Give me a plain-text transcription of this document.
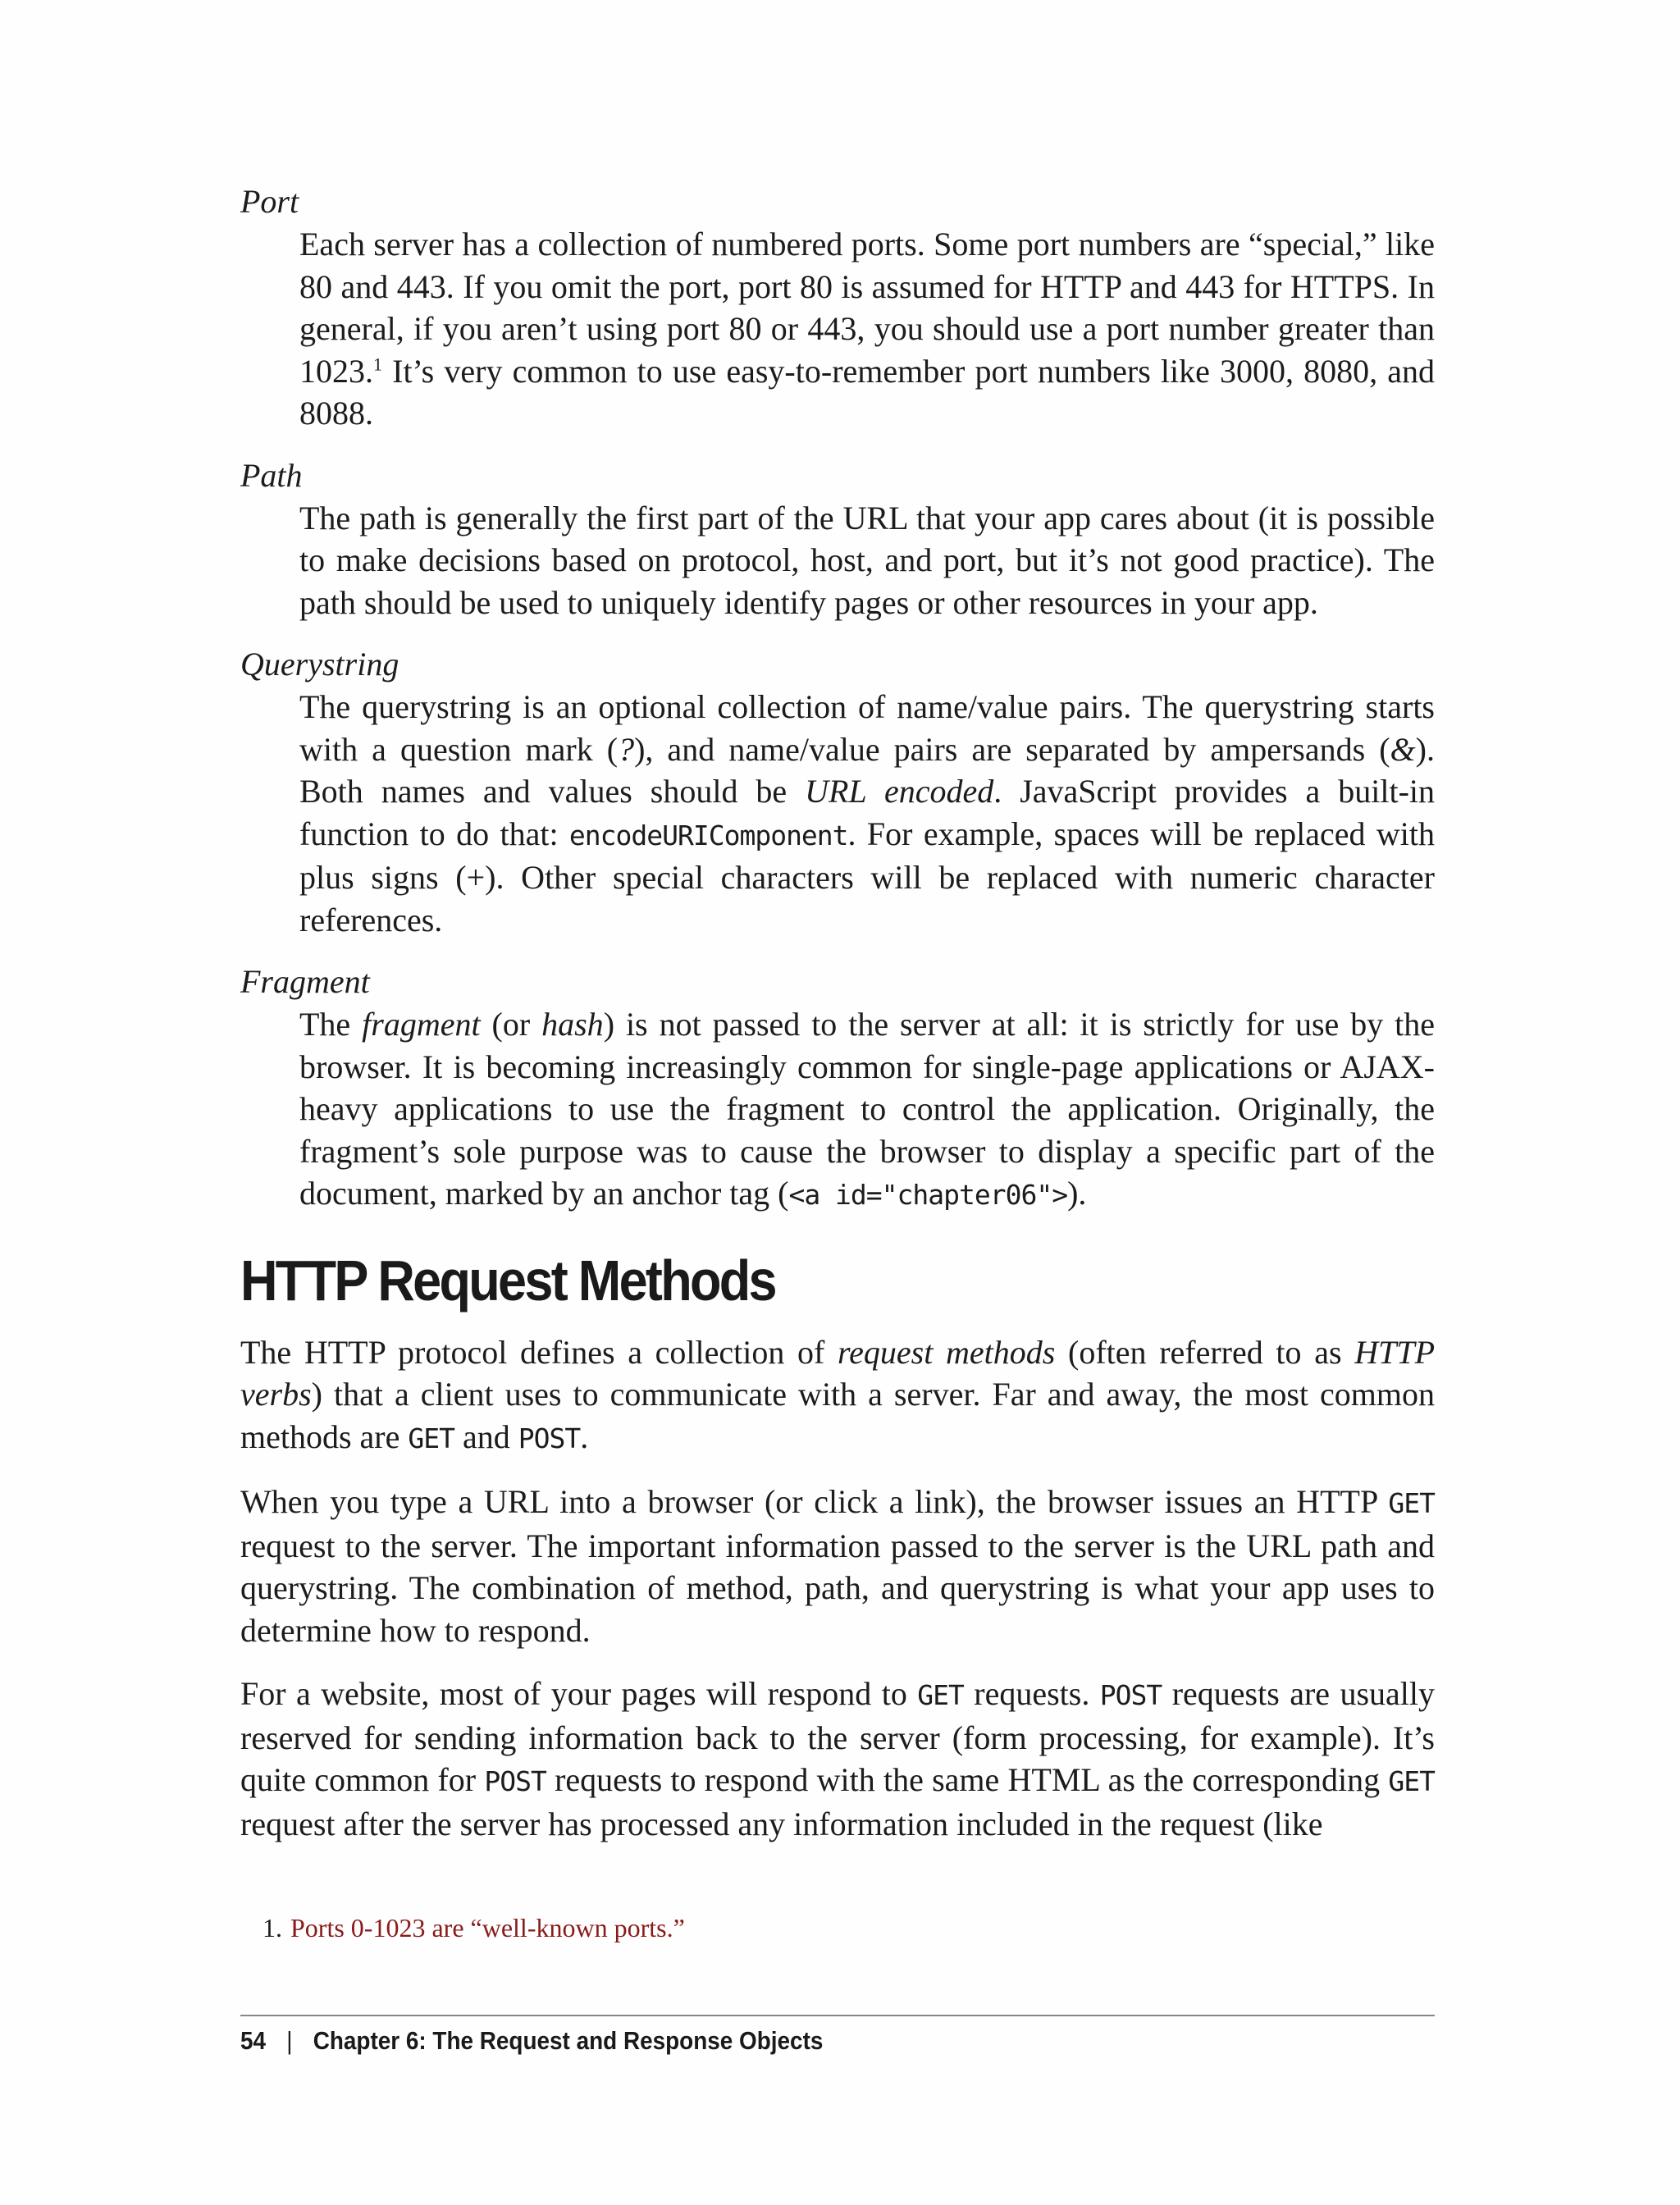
Port

Each server has a collection of numbered ports. Some port numbers are “special,” like 80 and 443. If you omit the port, port 80 is assumed for HTTP and 443 for HTTPS. In general, if you aren’t using port 80 or 443, you should use a port number greater than 1023.$^1$ It’s very common to use easy-to-remember port numbers like 3000, 8080, and 8088.

Path

The path is generally the first part of the URL that your app cares about (it is possible to make decisions based on protocol, host, and port, but it’s not good practice). The path should be used to uniquely identify pages or other resources in your app.

Querystring

The querystring is an optional collection of name/value pairs. The querystring starts with a question mark (?), and name/value pairs are separated by ampersands (&). Both names and values should be URL encoded. JavaScript provides a built-in function to do that: encodeURIComponent. For example, spaces will be replaced with plus signs (+). Other special characters will be replaced with numeric character references.

Fragment

The fragment (or hash) is not passed to the server at all: it is strictly for use by the browser. It is becoming increasingly common for single-page applications or AJAX-heavy applications to use the fragment to control the application. Originally, the fragment’s sole purpose was to cause the browser to display a specific part of the document, marked by an anchor tag (<a id="chapter06">).

HTTP Request Methods

The HTTP protocol defines a collection of request methods (often referred to as HTTP verbs) that a client uses to communicate with a server. Far and away, the most common methods are GET and POST.

When you type a URL into a browser (or click a link), the browser issues an HTTP GET request to the server. The important information passed to the server is the URL path and querystring. The combination of method, path, and querystring is what your app uses to determine how to respond.

For a website, most of your pages will respond to GET requests. POST requests are usually reserved for sending information back to the server (form processing, for example). It’s quite common for POST requests to respond with the same HTML as the corresponding GET request after the server has processed any information included in the request (like

1. Ports 0-1023 are “well-known ports.”
54 | Chapter 6: The Request and Response Objects
